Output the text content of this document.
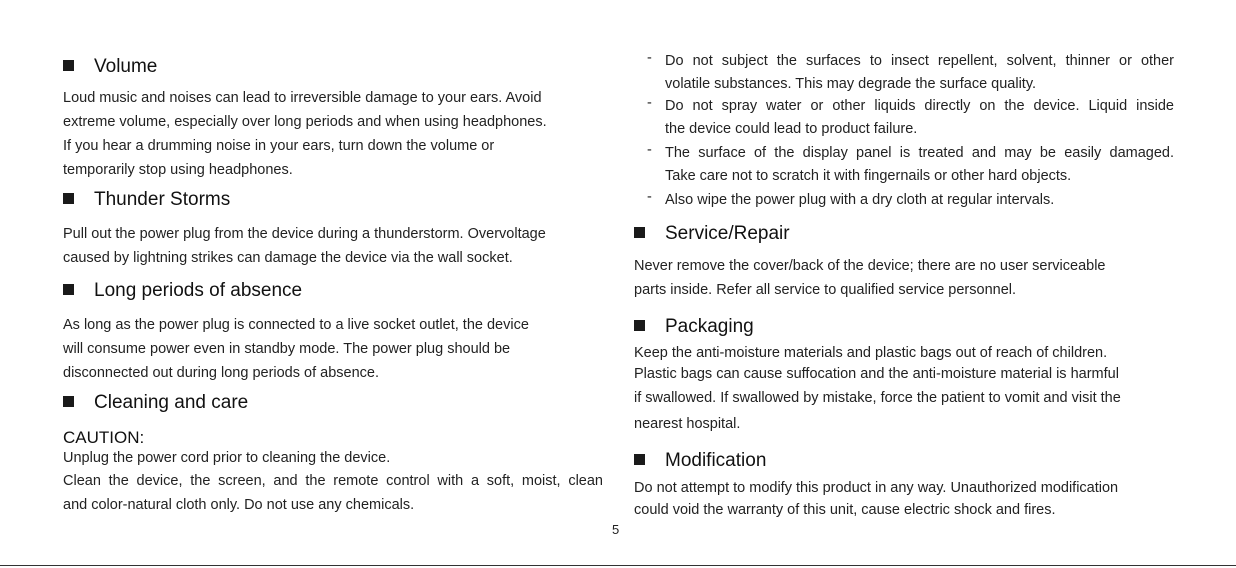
Volume
Loud music and noises can lead to irreversible damage to your ears. Avoid
extreme volume, especially over long periods and when using headphones.
If you hear a drumming noise in your ears, turn down the volume or
temporarily stop using headphones.
Thunder Storms
Pull out the power plug from the device during a thunderstorm. Overvoltage
caused by lightning strikes can damage the device via the wall socket.
Long periods of absence
As long as the power plug is connected to a live socket outlet, the device
will consume power even in standby mode. The power plug should be
disconnected out during long periods of absence.
Cleaning and care
CAUTION:
Unplug the power cord prior to cleaning the device.
Clean the device, the screen, and the remote control with a soft, moist, clean
and color-natural cloth only. Do not use any chemicals.
- Do not subject the surfaces to insect repellent, solvent, thinner or other
volatile substances. This may degrade the surface quality.
- Do not spray water or other liquids directly on the device. Liquid inside
the device could lead to product failure.
- The surface of the display panel is treated and may be easily damaged.
Take care not to scratch it with fingernails or other hard objects.
- Also wipe the power plug with a dry cloth at regular intervals.
Service/Repair
Never remove the cover/back of the device; there are no user serviceable
parts inside. Refer all service to qualified service personnel.
Packaging
Keep the anti-moisture materials and plastic bags out of reach of children.
Plastic bags can cause suffocation and the anti-moisture material is harmful
if swallowed. If swallowed by mistake, force the patient to vomit and visit the
nearest hospital.
Modification
Do not attempt to modify this product in any way. Unauthorized modification
could void the warranty of this unit, cause electric shock and fires.
5
